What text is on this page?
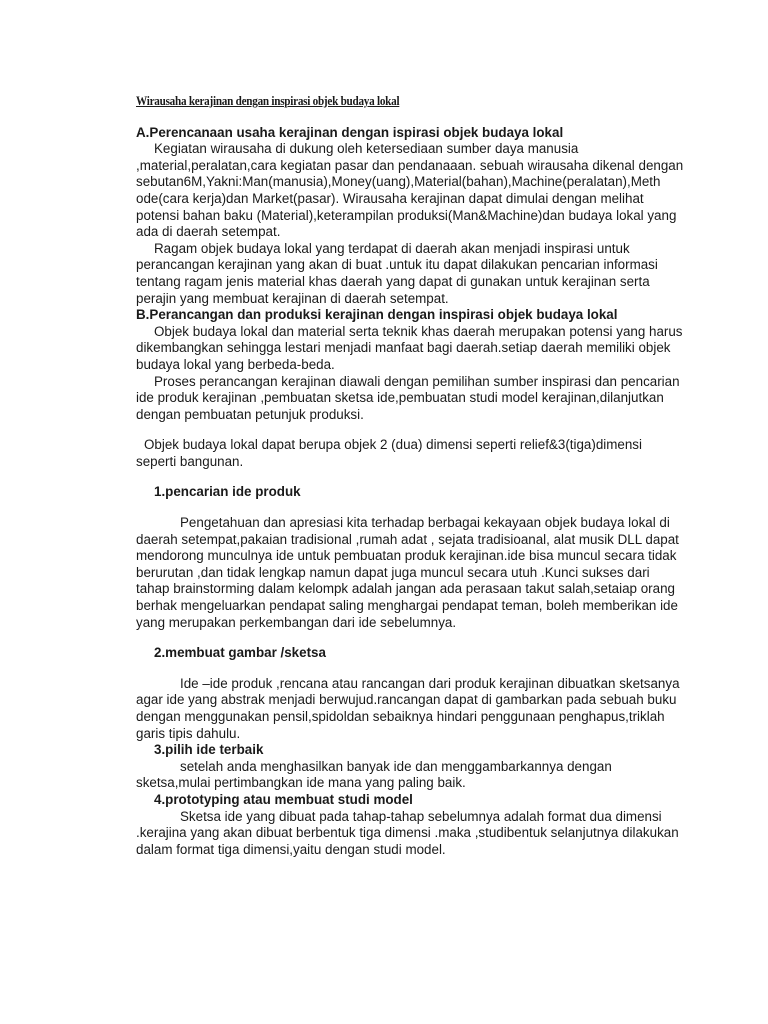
Wirausaha kerajinan dengan inspirasi objek budaya lokal

A.Perencanaan usaha kerajinan dengan ispirasi objek budaya lokal

Kegiatan wirausaha di dukung oleh ketersediaan sumber daya manusia ,material,peralatan,cara kegiatan pasar dan pendanaaan. sebuah wirausaha dikenal dengan sebutan6M,Yakni:Man(manusia),Money(uang),Material(bahan),Machine(peralatan),Meth ode(cara kerja)dan Market(pasar). Wirausaha kerajinan dapat dimulai dengan melihat potensi bahan baku (Material),keterampilan produksi(Man&Machine)dan budaya lokal yang ada di daerah setempat.

Ragam objek budaya lokal yang terdapat di daerah akan menjadi inspirasi untuk perancangan kerajinan yang akan di buat .untuk itu dapat dilakukan pencarian informasi tentang ragam jenis material khas daerah yang dapat di gunakan untuk kerajinan serta perajin yang membuat kerajinan di daerah setempat.

B.Perancangan dan produksi kerajinan dengan inspirasi objek budaya lokal

Objek budaya lokal dan material serta teknik khas daerah merupakan potensi yang harus dikembangkan sehingga lestari menjadi manfaat bagi daerah.setiap daerah memiliki objek budaya lokal yang berbeda-beda.

Proses perancangan kerajinan diawali dengan pemilihan sumber inspirasi dan pencarian ide produk kerajinan ,pembuatan sketsa ide,pembuatan studi model kerajinan,dilanjutkan dengan pembuatan petunjuk produksi.

Objek budaya lokal dapat berupa objek 2 (dua) dimensi seperti relief&3(tiga)dimensi seperti bangunan.

1.pencarian ide produk

Pengetahuan dan apresiasi kita terhadap berbagai kekayaan objek budaya lokal di daerah setempat,pakaian tradisional ,rumah adat , sejata tradisioanal, alat musik DLL dapat mendorong munculnya ide untuk pembuatan produk kerajinan.ide bisa muncul secara tidak berurutan ,dan tidak lengkap namun dapat juga muncul secara utuh .Kunci sukses dari tahap brainstorming dalam kelompk adalah jangan ada perasaan takut salah,setaiap orang berhak mengeluarkan pendapat saling menghargai pendapat teman, boleh memberikan ide yang merupakan perkembangan dari ide sebelumnya.

2.membuat gambar /sketsa

Ide –ide produk ,rencana atau rancangan dari produk kerajinan dibuatkan sketsanya agar ide yang abstrak menjadi berwujud.rancangan dapat di gambarkan pada sebuah buku dengan menggunakan pensil,spidoldan sebaiknya hindari penggunaan penghapus,triklah garis tipis dahulu.

3.pilih ide terbaik

setelah anda menghasilkan banyak ide dan menggambarkannya dengan sketsa,mulai pertimbangkan ide mana yang paling baik.

4.prototyping atau membuat studi model

Sketsa ide yang dibuat pada tahap-tahap sebelumnya adalah format dua dimensi .kerajina yang akan dibuat berbentuk tiga dimensi .maka ,studibentuk selanjutnya dilakukan dalam format tiga dimensi,yaitu dengan studi model.
